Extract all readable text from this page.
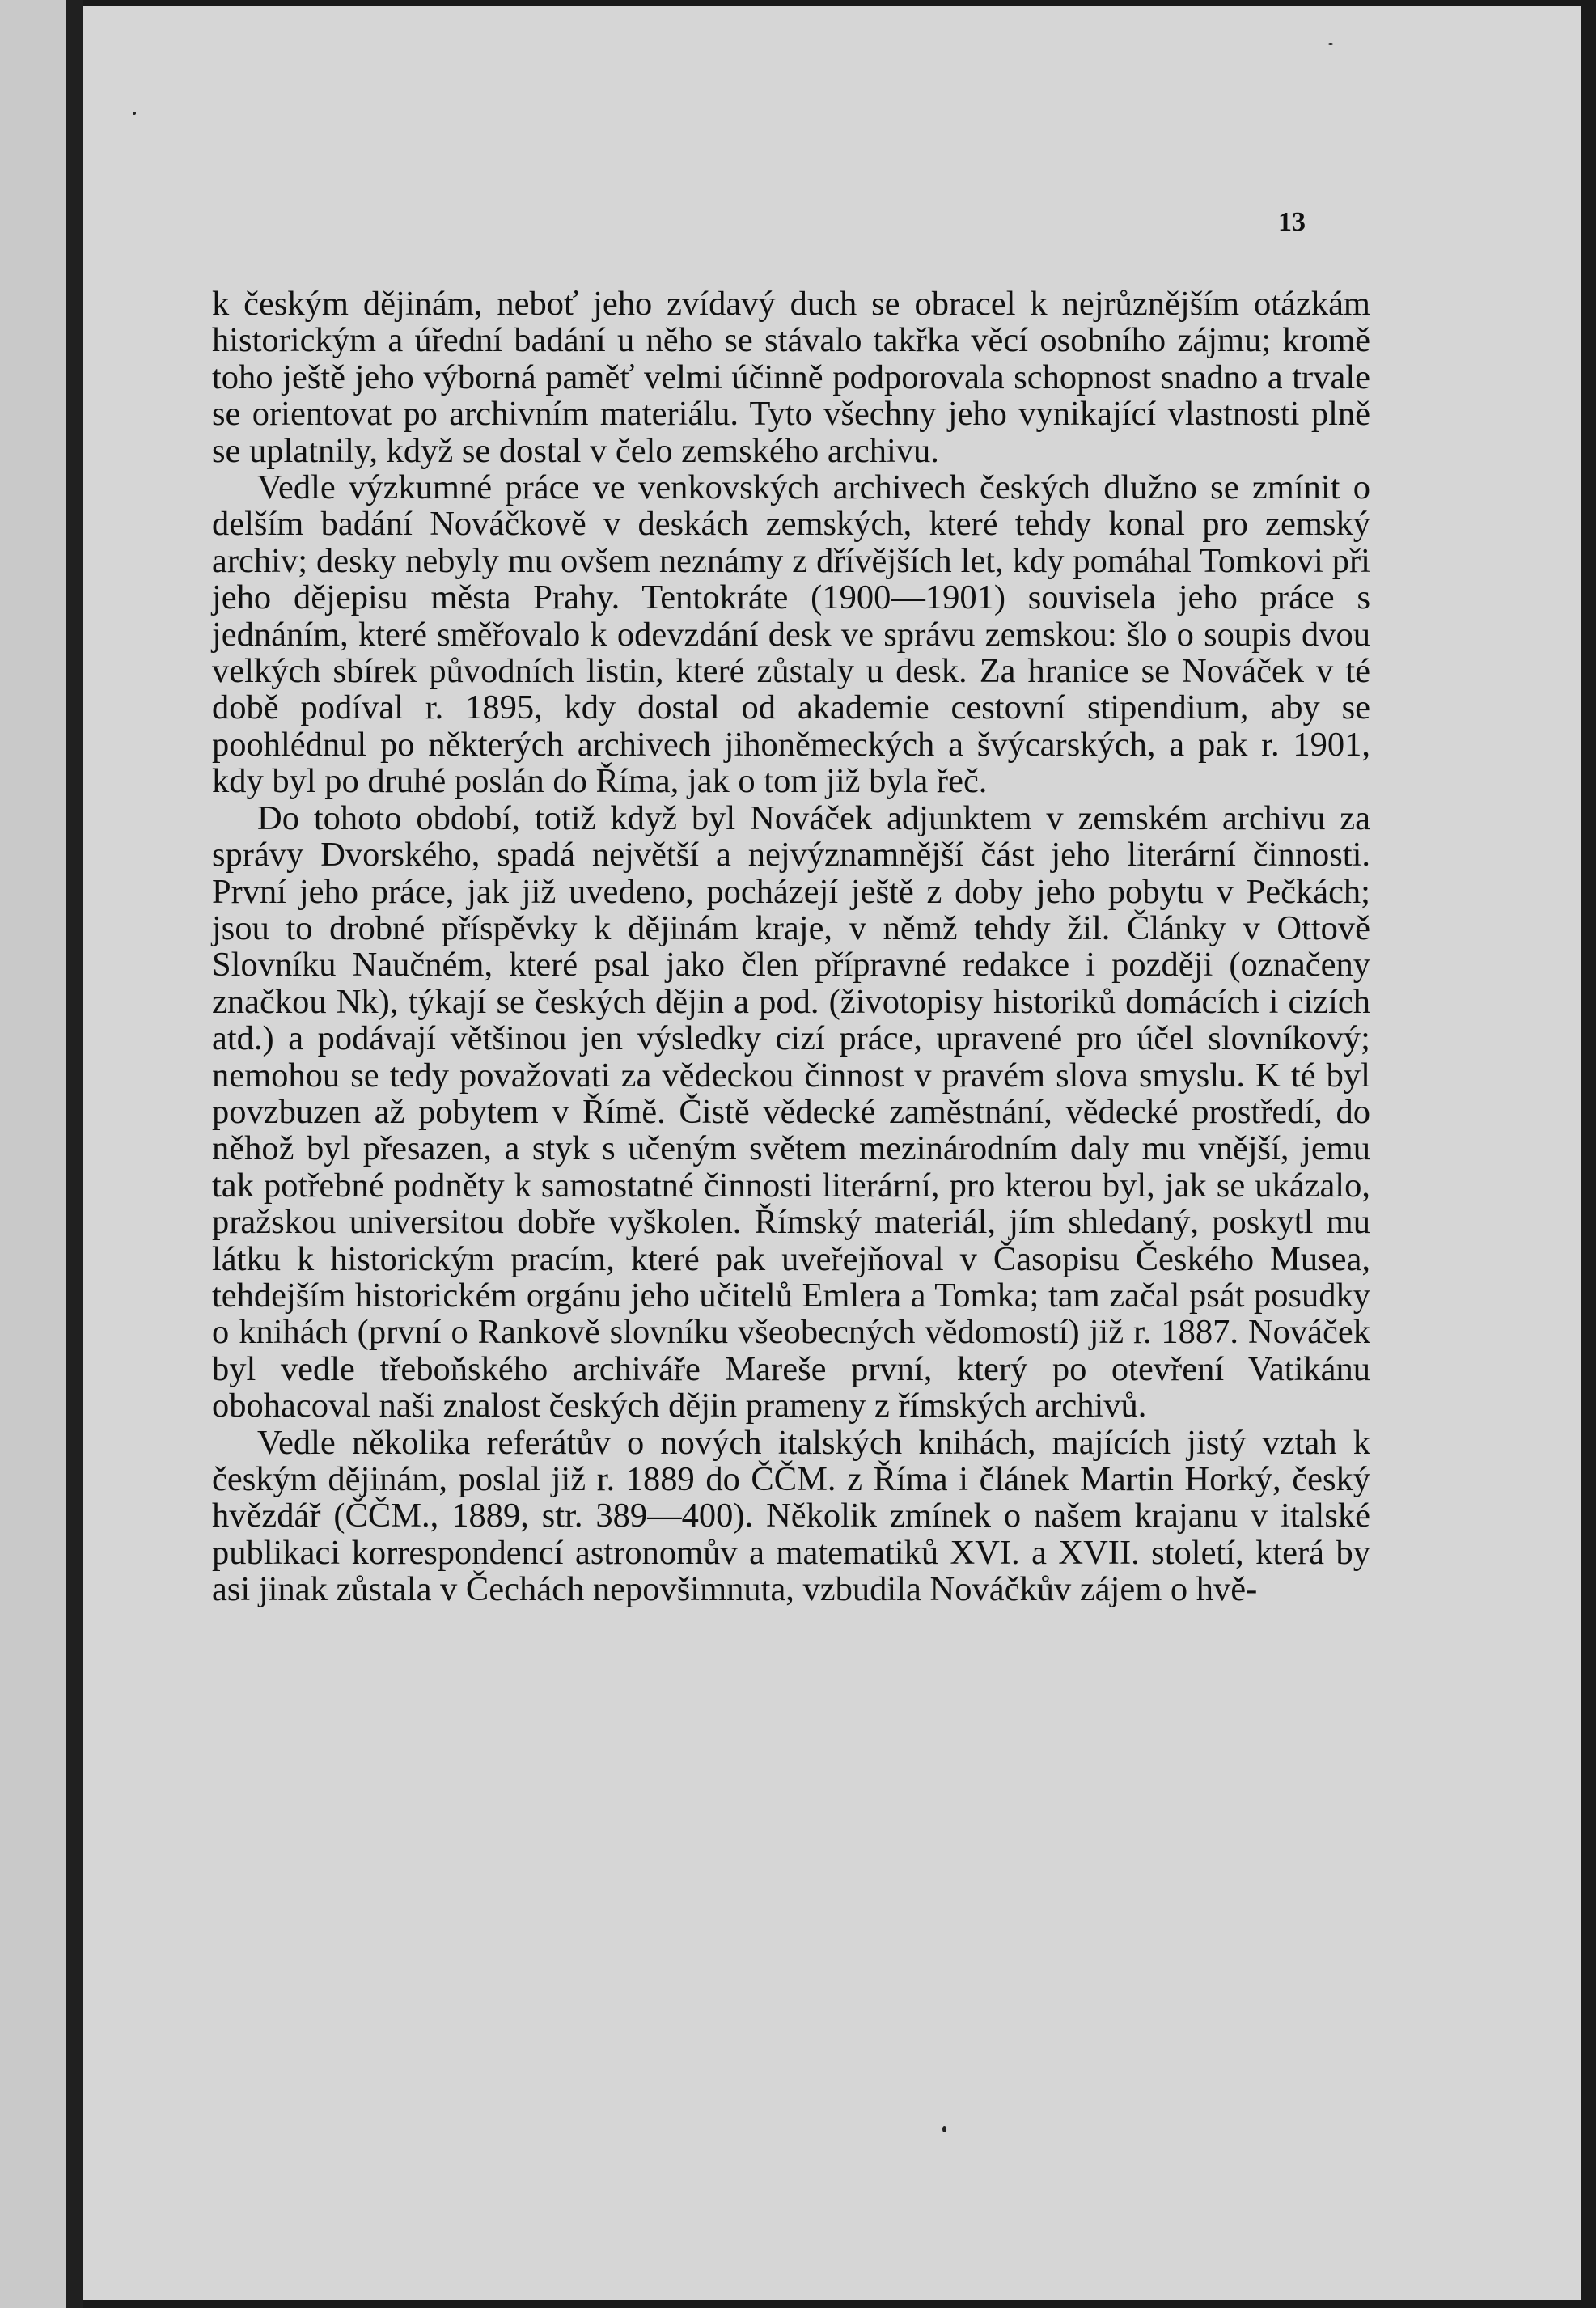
13

k českým dějinám, neboť jeho zvídavý duch se obracel k nejrůznějším otázkám historickým a úřední badání u něho se stávalo takřka věcí osobního zájmu; kromě toho ještě jeho výborná paměť velmi účinně podporovala schopnost snadno a trvale se orientovat po archivním materiálu. Tyto všechny jeho vynikající vlastnosti plně se uplatnily, když se dostal v čelo zemského archivu.

Vedle výzkumné práce ve venkovských archivech českých dlužno se zmínit o delším badání Nováčkově v deskách zemských, které tehdy konal pro zemský archiv; desky nebyly mu ovšem neznámy z dřívějších let, kdy pomáhal Tomkovi při jeho dějepisu města Prahy. Tentokráte (1900—1901) souvisela jeho práce s jednáním, které směřovalo k odevzdání desk ve správu zemskou: šlo o soupis dvou velkých sbírek původních listin, které zůstaly u desk. Za hranice se Nováček v té době podíval r. 1895, kdy dostal od akademie cestovní stipendium, aby se poohlédnul po některých archivech jihoněmeckých a švýcarských, a pak r. 1901, kdy byl po druhé poslán do Říma, jak o tom již byla řeč.

Do tohoto období, totiž když byl Nováček adjunktem v zemském archivu za správy Dvorského, spadá největší a nejvýznamnější část jeho literární činnosti. První jeho práce, jak již uvedeno, pocházejí ještě z doby jeho pobytu v Pečkách; jsou to drobné příspěvky k dějinám kraje, v němž tehdy žil. Články v Ottově Slovníku Naučném, které psal jako člen přípravné redakce i později (označeny značkou Nk), týkají se českých dějin a pod. (životopisy historiků domácích i cizích atd.) a podávají většinou jen výsledky cizí práce, upravené pro účel slovníkový; nemohou se tedy považovati za vědeckou činnost v pravém slova smyslu. K té byl povzbuzen až pobytem v Římě. Čistě vědecké zaměstnání, vědecké prostředí, do něhož byl přesazen, a styk s učeným světem mezinárodním daly mu vnější, jemu tak potřebné podněty k samostatné činnosti literární, pro kterou byl, jak se ukázalo, pražskou universitou dobře vyškolen. Římský materiál, jím shledaný, poskytl mu látku k historickým pracím, které pak uveřejňoval v Časopisu Českého Musea, tehdejším historickém orgánu jeho učitelů Emlera a Tomka; tam začal psát posudky o knihách (první o Rankově slovníku všeobecných vědomostí) již r. 1887. Nováček byl vedle třeboňského archiváře Mareše první, který po otevření Vatikánu obohacoval naši znalost českých dějin prameny z římských archivů.

Vedle několika referátův o nových italských knihách, majících jistý vztah k českým dějinám, poslal již r. 1889 do ČČM. z Říma i článek Martin Horký, český hvězdář (ČČM., 1889, str. 389—400). Několik zmínek o našem krajanu v italské publikaci korrespondencí astronomův a matematiků XVI. a XVII. století, která by asi jinak zůstala v Čechách nepovšimnuta, vzbudila Nováčkův zájem o hvě-
